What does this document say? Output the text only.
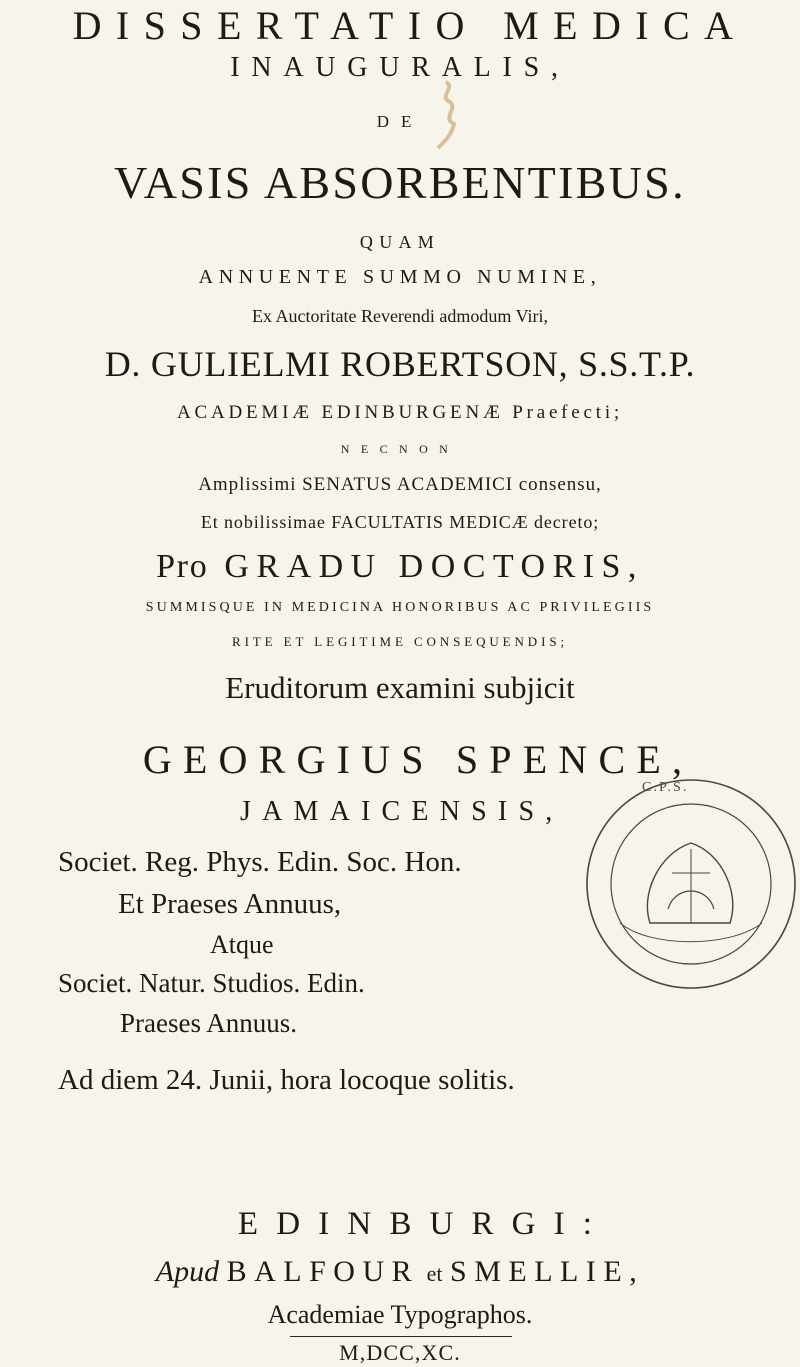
DISSERTATIO MEDICA
INAUGURALIS,
DE
VASIS ABSORBENTIBUS.
QUAM
ANNUENTE SUMMO NUMINE,
Ex Auctoritate Reverendi admodum Viri,
D. GULIELMI ROBERTSON, S.S.T.P.
ACADEMIÆ EDINBURGENÆ Praefecti;
NECNON
Amplissimi SENATUS ACADEMICI consensu,
Et nobilissimae FACULTATIS MEDICÆ decreto;
Pro GRADU DOCTORIS,
SUMMISQUE IN MEDICINA HONORIBUS AC PRIVILEGIIS
RITE ET LEGITIME CONSEQUENDIS;
Eruditorum examini subjicit
GEORGIUS SPENCE,
JAMAICENSIS,
C.P.S.
Societ. Reg. Phys. Edin. Soc. Hon.
Et Praeses Annuus,
Atque
Societ. Natur. Studios. Edin.
Praeses Annuus.
Ad diem 24. Junii, hora locoque solitis.
EDINBURGI:
Apud BALFOUR et SMELLIE,
Academiae Typographos.
M,DCC,XC.
